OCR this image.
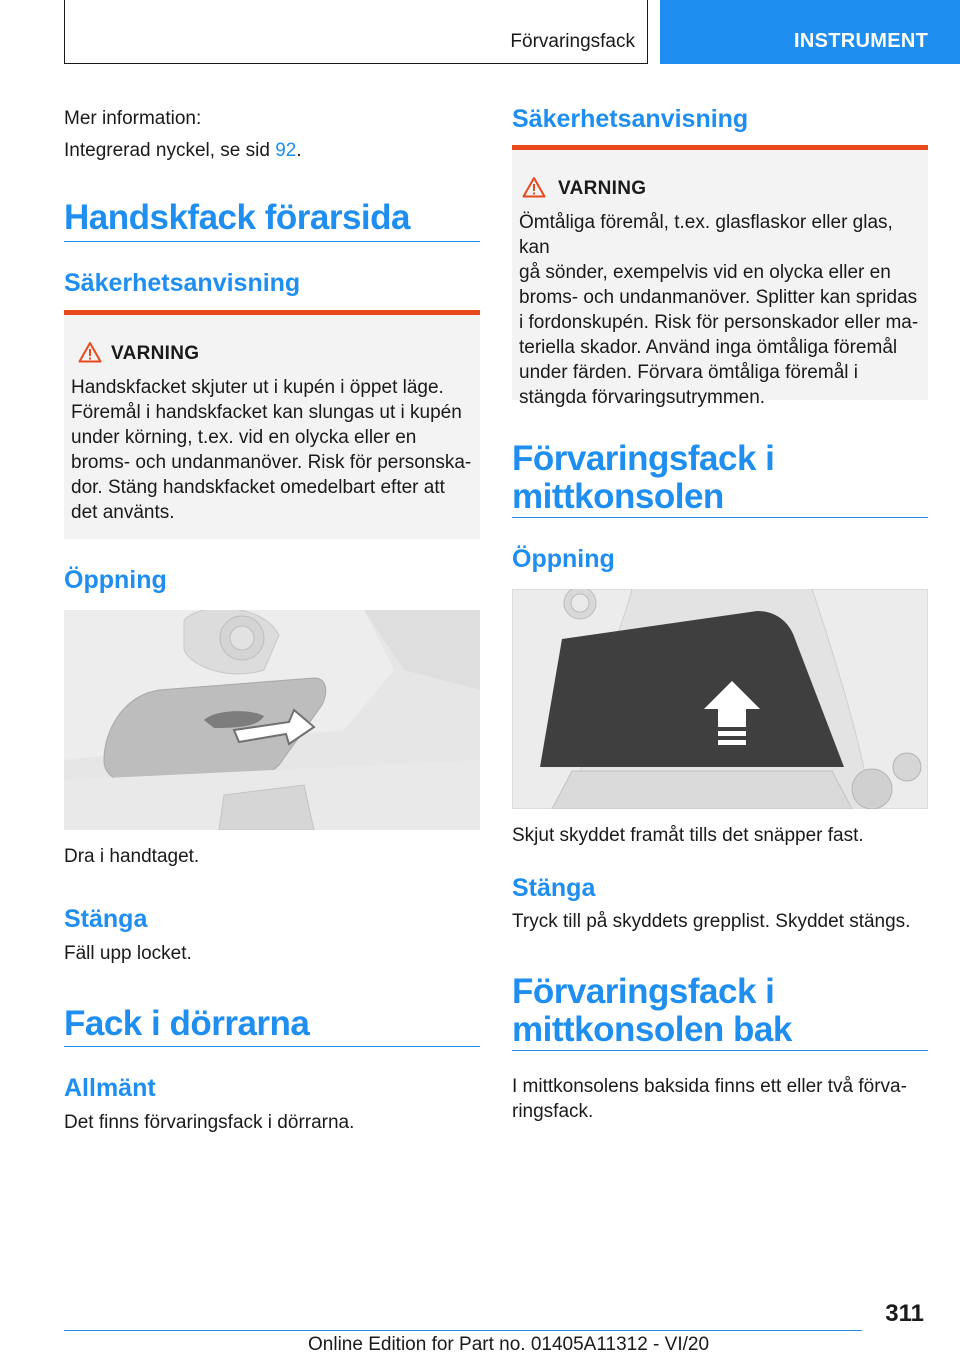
Förvaringsfack	INSTRUMENT
Mer information:
Integrerad nyckel, se sid 92.
Handskfack förarsida
Säkerhetsanvisning
VARNING
Handskfacket skjuter ut i kupén i öppet läge.
Föremål i handskfacket kan slungas ut i kupén
under körning, t.ex. vid en olycka eller en
broms- och undanmanöver. Risk för personska-
dor. Stäng handskfacket omedelbart efter att
det använts.
Öppning
Dra i handtaget.
Stänga
Fäll upp locket.
Fack i dörrarna
Allmänt
Det finns förvaringsfack i dörrarna.
Säkerhetsanvisning
VARNING
Ömtåliga föremål, t.ex. glasflaskor eller glas, kan
gå sönder, exempelvis vid en olycka eller en
broms- och undanmanöver. Splitter kan spridas
i fordonskupén. Risk för personskador eller ma-
teriella skador. Använd inga ömtåliga föremål
under färden. Förvara ömtåliga föremål i
stängda förvaringsutrymmen.
Förvaringsfack i
mittkonsolen
Öppning
Skjut skyddet framåt tills det snäpper fast.
Stänga
Tryck till på skyddets grepplist. Skyddet stängs.
Förvaringsfack i
mittkonsolen bak
I mittkonsolens baksida finns ett eller två förva-
ringsfack.
311
Online Edition for Part no. 01405A11312 - VI/20
